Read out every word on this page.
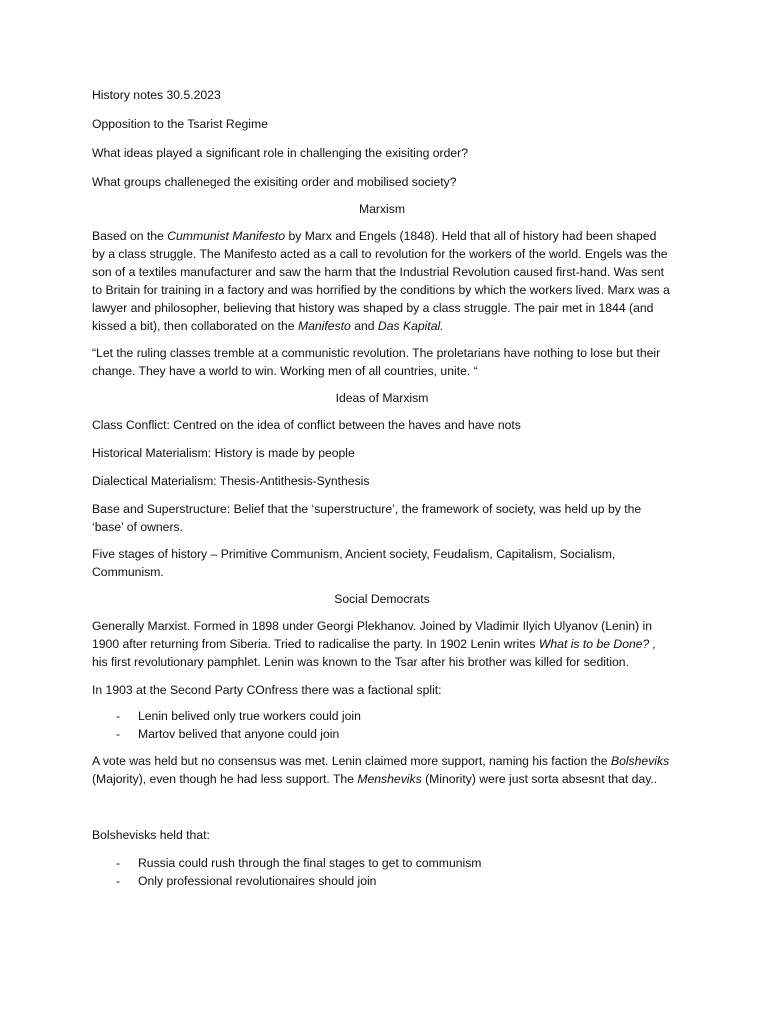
History notes 30.5.2023

Opposition to the Tsarist Regime

What ideas played a significant role in challenging the exisiting order?

What groups challeneged the exisiting order and mobilised society?

Marxism

Based on the Cummunist Manifesto by Marx and Engels (1848). Held that all of history had been shaped by a class struggle. The Manifesto acted as a call to revolution for the workers of the world. Engels was the son of a textiles manufacturer and saw the harm that the Industrial Revolution caused first-hand. Was sent to Britain for training in a factory and was horrified by the conditions by which the workers lived. Marx was a lawyer and philosopher, believing that history was shaped by a class struggle. The pair met in 1844 (and kissed a bit), then collaborated on the Manifesto and Das Kapital.

“Let the ruling classes tremble at a communistic revolution. The proletarians have nothing to lose but their change. They have a world to win. Working men of all countries, unite. “

Ideas of Marxism

Class Conflict: Centred on the idea of conflict between the haves and have nots

Historical Materialism: History is made by people

Dialectical Materialism: Thesis-Antithesis-Synthesis

Base and Superstructure: Belief that the ‘superstructure’, the framework of society, was held up by the ‘base’ of owners.

Five stages of history – Primitive Communism, Ancient society, Feudalism, Capitalism, Socialism, Communism.

Social Democrats

Generally Marxist. Formed in 1898 under Georgi Plekhanov. Joined by Vladimir Ilyich Ulyanov (Lenin) in 1900 after returning from Siberia. Tried to radicalise the party. In 1902 Lenin writes What is to be Done? , his first revolutionary pamphlet. Lenin was known to the Tsar after his brother was killed for sedition.

In 1903 at the Second Party COnfress there was a factional split:

- Lenin belived only true workers could join
- Martov belived that anyone could join

A vote was held but no consensus was met. Lenin claimed more support, naming his faction the Bolsheviks (Majority), even though he had less support. The Mensheviks (Minority) were just sorta absesnt that day..

Bolshevisks held that:

- Russia could rush through the final stages to get to communism
- Only professional revolutionaires should join
